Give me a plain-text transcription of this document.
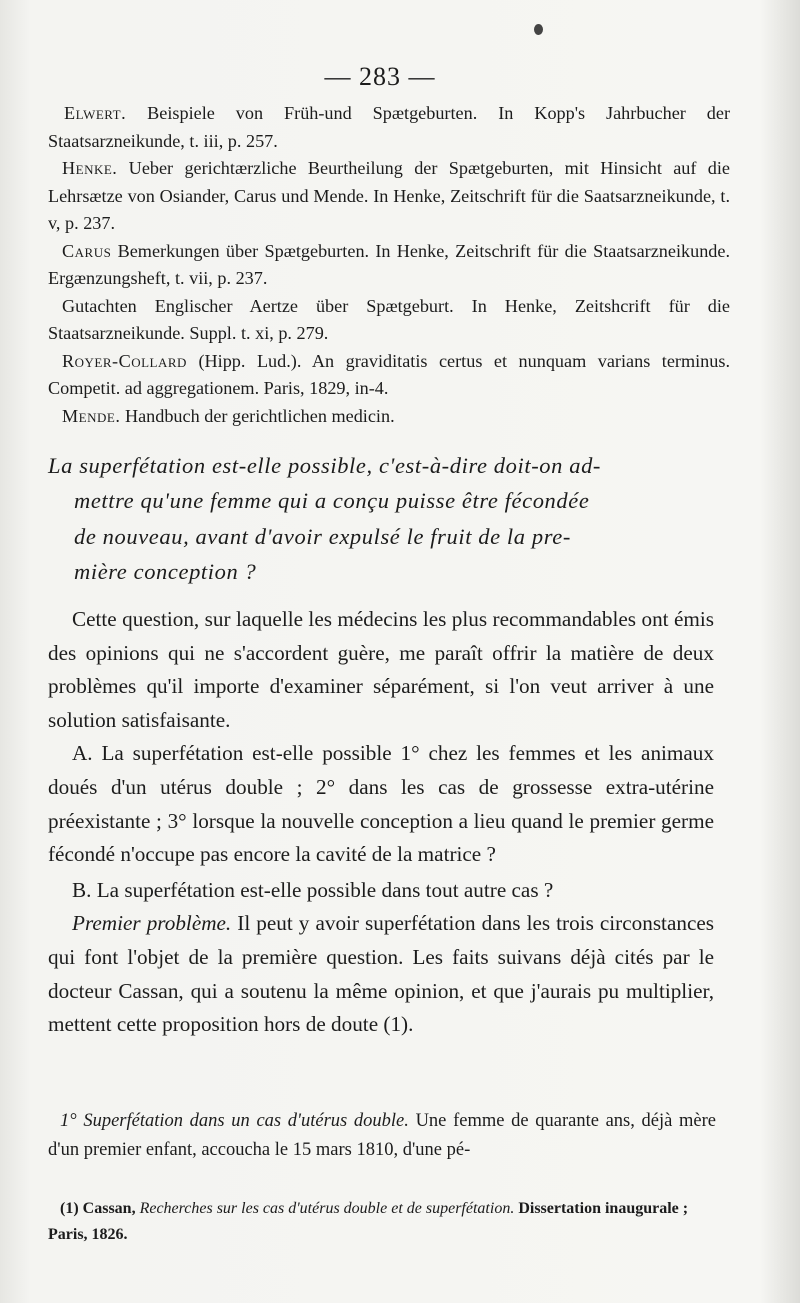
— 283 —

Elwert. Beispiele von Früh-und Spætgeburten. In Kopp's Jahrbucher der Staatsarzneikunde, t. iii, p. 257.

Henke. Ueber gerichtærzliche Beurtheilung der Spætgeburten, mit Hinsicht auf die Lehrsætze von Osiander, Carus und Mende. In Henke, Zeitschrift für die Saatsarzneikunde, t. v, p. 237.

Carus Bemerkungen über Spætgeburten. In Henke, Zeitschrift für die Staatsarzneikunde. Ergænzungsheft, t. vii, p. 237.

Gutachten Englischer Aertze über Spætgeburt. In Henke, Zeitshcrift für die Staatsarzneikunde. Suppl. t. xi, p. 279.

Royer-Collard (Hipp. Lud.). An graviditatis certus et nunquam varians terminus. Competit. ad aggregationem. Paris, 1829, in-4.

Mende. Handbuch der gerichtlichen medicin.

La superfétation est-elle possible, c'est-à-dire doit-on ad-
mettre qu'une femme qui a conçu puisse être fécondée
de nouveau, avant d'avoir expulsé le fruit de la pre-
mière conception ?

Cette question, sur laquelle les médecins les plus recommandables ont émis des opinions qui ne s'accordent guère, me paraît offrir la matière de deux problèmes qu'il importe d'examiner séparément, si l'on veut arriver à une solution satisfaisante.

A. La superfétation est-elle possible 1° chez les femmes et les animaux doués d'un utérus double ; 2° dans les cas de grossesse extra-utérine préexistante ; 3° lorsque la nouvelle conception a lieu quand le premier germe fécondé n'occupe pas encore la cavité de la matrice ?

B. La superfétation est-elle possible dans tout autre cas ?

Premier problème. Il peut y avoir superfétation dans les trois circonstances qui font l'objet de la première question. Les faits suivans déjà cités par le docteur Cassan, qui a soutenu la même opinion, et que j'aurais pu multiplier, mettent cette proposition hors de doute (1).

1° Superfétation dans un cas d'utérus double. Une femme de quarante ans, déjà mère d'un premier enfant, accoucha le 15 mars 1810, d'une pé-

(1) Cassan, Recherches sur les cas d'utérus double et de superfétation. Dissertation inaugurale ; Paris, 1826.
